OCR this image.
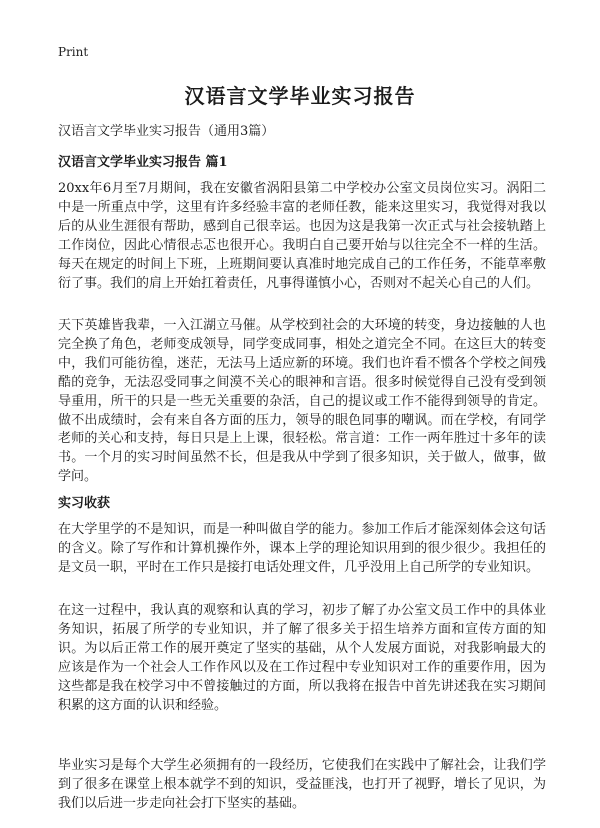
Print
汉语言文学毕业实习报告
汉语言文学毕业实习报告（通用3篇）
汉语言文学毕业实习报告 篇1

20xx年6月至7月期间，我在安徽省涡阳县第二中学校办公室文员岗位实习。涡阳二中是一所重点中学，这里有许多经验丰富的老师任教，能来这里实习，我觉得对我以后的从业生涯很有帮助，感到自己很幸运。也因为这是我第一次正式与社会接轨踏上工作岗位，因此心情很忐忑也很开心。我明白自己要开始与以往完全不一样的生活。每天在规定的时间上下班，上班期间要认真准时地完成自己的工作任务，不能草率敷衍了事。我们的肩上开始扛着责任，凡事得谨慎小心，否则对不起关心自己的人们。

天下英雄皆我辈，一入江湖立马催。从学校到社会的大环境的转变，身边接触的人也完全换了角色，老师变成领导，同学变成同事，相处之道完全不同。在这巨大的转变中，我们可能彷徨，迷茫，无法马上适应新的环境。我们也许看不惯各个学校之间残酷的竞争，无法忍受同事之间漠不关心的眼神和言语。很多时候觉得自己没有受到领导重用，所干的只是一些无关重要的杂活，自己的提议或工作不能得到领导的肯定。做不出成绩时，会有来自各方面的压力，领导的眼色同事的嘲讽。而在学校，有同学老师的关心和支持，每日只是上上课，很轻松。常言道：工作一两年胜过十多年的读书。一个月的实习时间虽然不长，但是我从中学到了很多知识，关于做人，做事，做学问。

实习收获

在大学里学的不是知识，而是一种叫做自学的能力。参加工作后才能深刻体会这句话的含义。除了写作和计算机操作外，课本上学的理论知识用到的很少很少。我担任的是文员一职，平时在工作只是接打电话处理文件，几乎没用上自己所学的专业知识。

在这一过程中，我认真的观察和认真的学习，初步了解了办公室文员工作中的具体业务知识，拓展了所学的专业知识，并了解了很多关于招生培养方面和宣传方面的知识。为以后正常工作的展开奠定了坚实的基础，从个人发展方面说，对我影响最大的应该是作为一个社会人工作作风以及在工作过程中专业知识对工作的重要作用，因为这些都是我在校学习中不曾接触过的方面，所以我将在报告中首先讲述我在实习期间积累的这方面的认识和经验。

毕业实习是每个大学生必须拥有的一段经历，它使我们在实践中了解社会，让我们学到了很多在课堂上根本就学不到的知识，受益匪浅，也打开了视野，增长了见识，为我们以后进一步走向社会打下坚实的基础。
